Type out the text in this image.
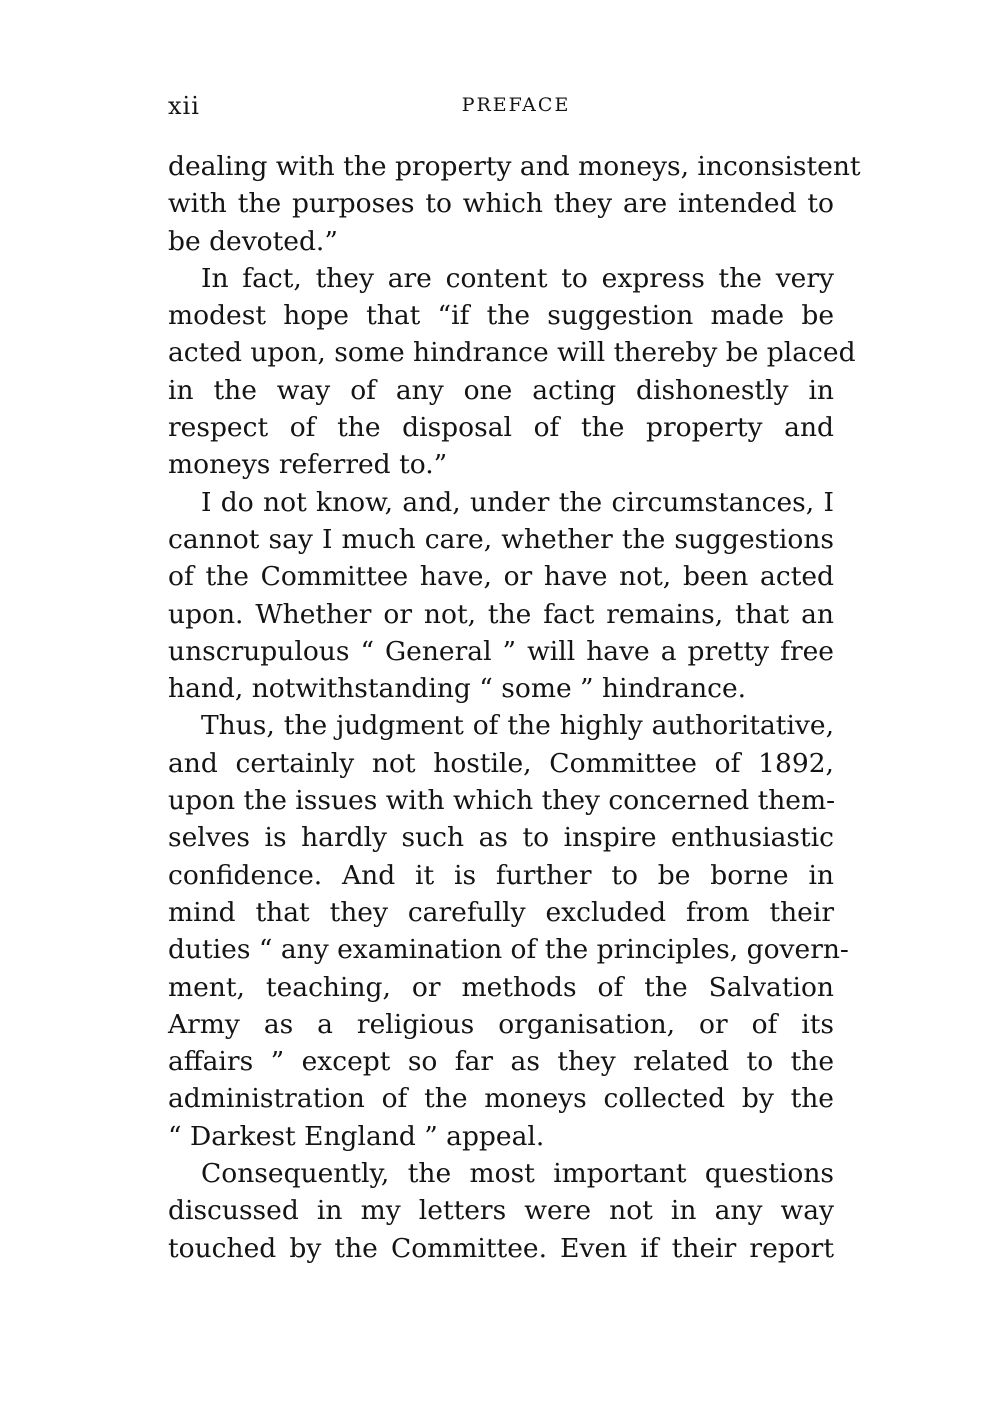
xii	PREFACE
dealing with the property and moneys, inconsistent
with the purposes to which they are intended to
be devoted.”
In fact, they are content to express the very
modest hope that “if the suggestion made be
acted upon, some hindrance will thereby be placed
in the way of any one acting dishonestly in
respect of the disposal of the property and
moneys referred to.”
I do not know, and, under the circumstances, I
cannot say I much care, whether the suggestions
of the Committee have, or have not, been acted
upon. Whether or not, the fact remains, that an
unscrupulous “ General ” will have a pretty free
hand, notwithstanding “ some ” hindrance.
Thus, the judgment of the highly authoritative,
and certainly not hostile, Committee of 1892,
upon the issues with which they concerned them-
selves is hardly such as to inspire enthusiastic
confidence. And it is further to be borne in
mind that they carefully excluded from their
duties “ any examination of the principles, govern-
ment, teaching, or methods of the Salvation
Army as a religious organisation, or of its
affairs ” except so far as they related to the
administration of the moneys collected by the
“ Darkest England ” appeal.
Consequently, the most important questions
discussed in my letters were not in any way
touched by the Committee. Even if their report
